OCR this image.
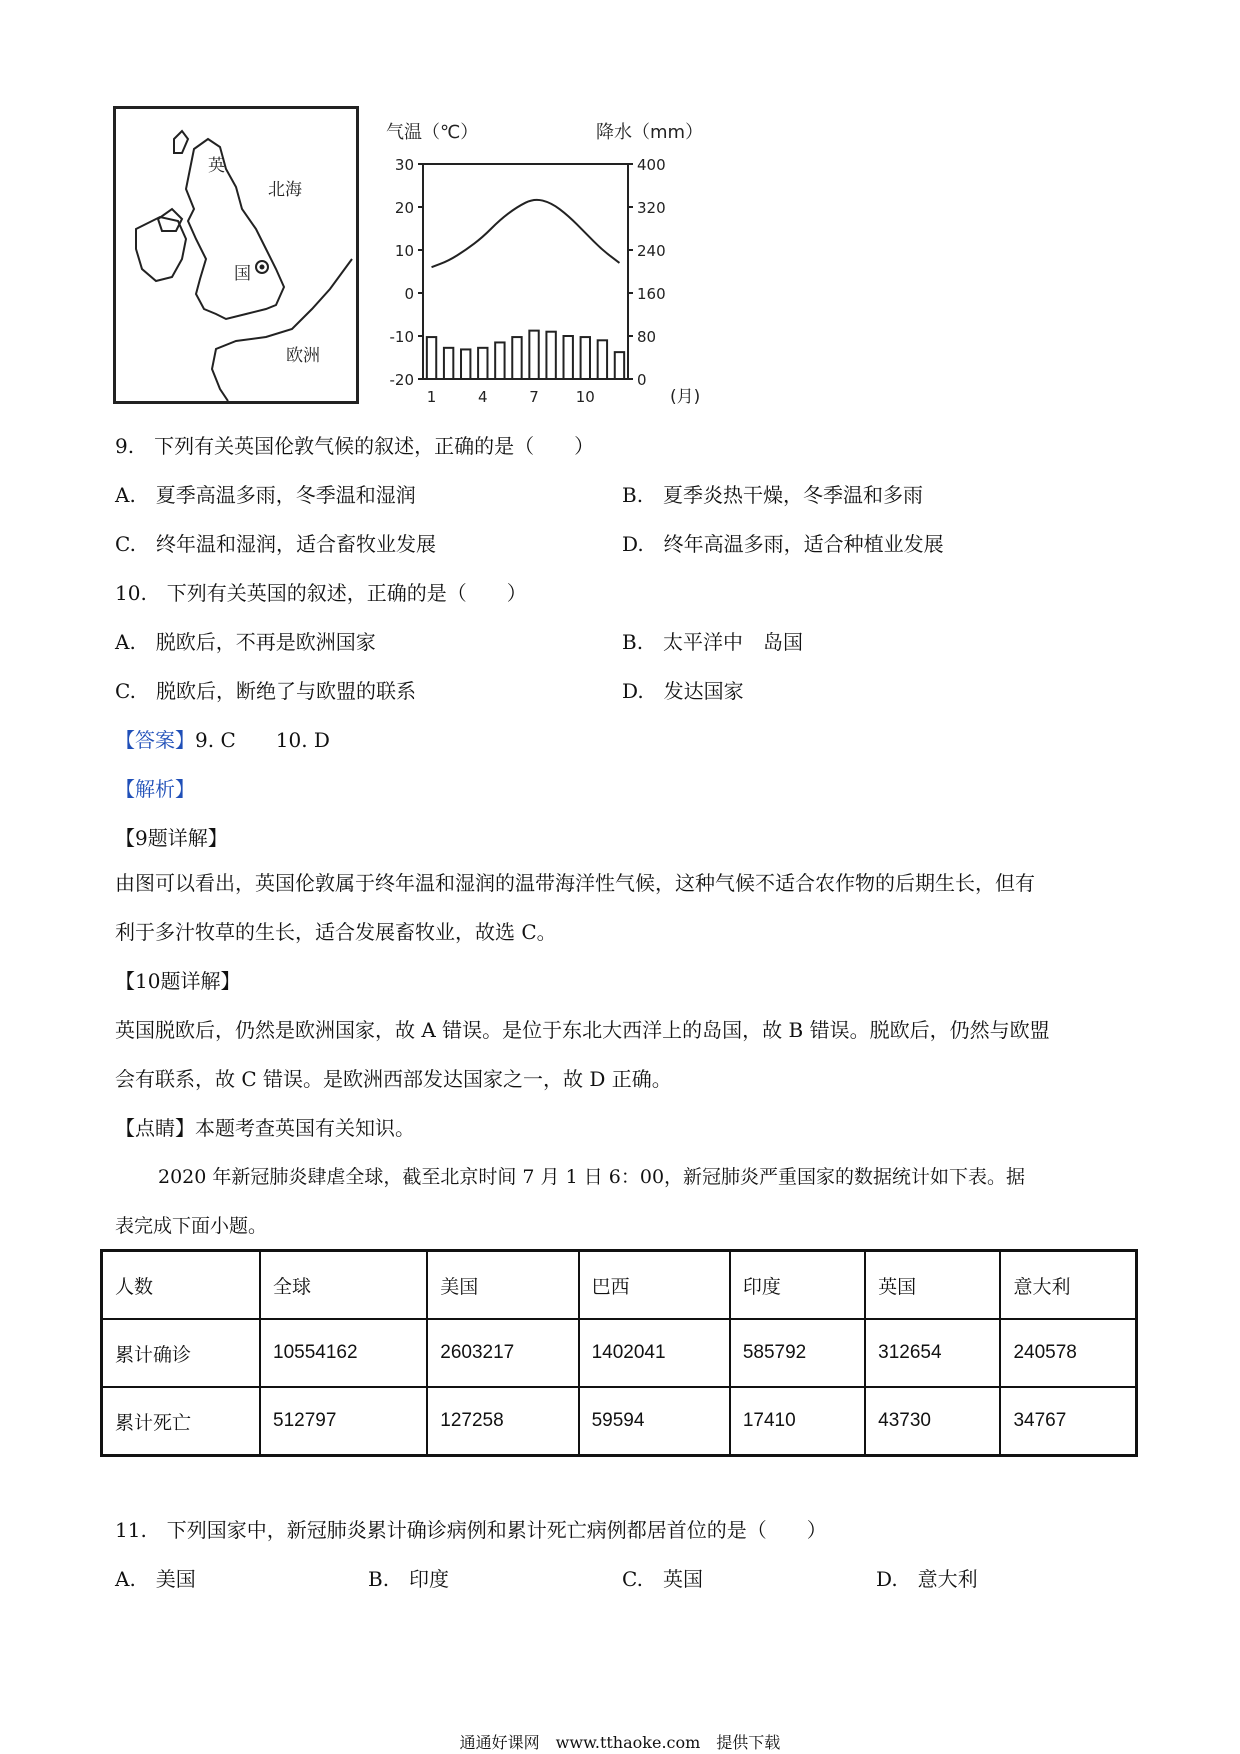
英
国
北海
欧洲
气温（℃）	降水（mm）
30
20
10
0
-10
-20
400
320
240
160
80
0
1	4	7 10	(月)
9.　下列有关英国伦敦气候的叙述，正确的是（　　）
A.　夏季高温多雨，冬季温和湿润	B.　夏季炎热干燥，冬季温和多雨
C.　终年温和湿润，适合畜牧业发展	D.　终年高温多雨，适合种植业发展
10.　下列有关英国的叙述，正确的是（　　）
A.　脱欧后，不再是欧洲国家	B.　太平洋中　岛国
C.　脱欧后，断绝了与欧盟的联系	D.　发达国家
【答案】9. C　　10. D
【解析】
【9题详解】
由图可以看出，英国伦敦属于终年温和湿润的温带海洋性气候，这种气候不适合农作物的后期生长，但有
利于多汁牧草的生长，适合发展畜牧业，故选 C。
【10题详解】
英国脱欧后，仍然是欧洲国家，故 A 错误。是位于东北大西洋上的岛国，故 B 错误。脱欧后，仍然与欧盟
会有联系，故 C 错误。是欧洲西部发达国家之一，故 D 正确。
【点睛】本题考查英国有关知识。
2020 年新冠肺炎肆虐全球，截至北京时间 7 月 1 日 6：00，新冠肺炎严重国家的数据统计如下表。据
表完成下面小题。
人数	全球	美国	巴西	印度	英国	意大利
累计确诊	10554162	2603217	1402041	585792	312654	240578
累计死亡	512797	127258	59594	17410	43730	34767
11.　下列国家中，新冠肺炎累计确诊病例和累计死亡病例都居首位的是（　　）
A.　美国	B.　印度	C.　英国	D.　意大利
通通好课网　www.tthaoke.com　提供下载
